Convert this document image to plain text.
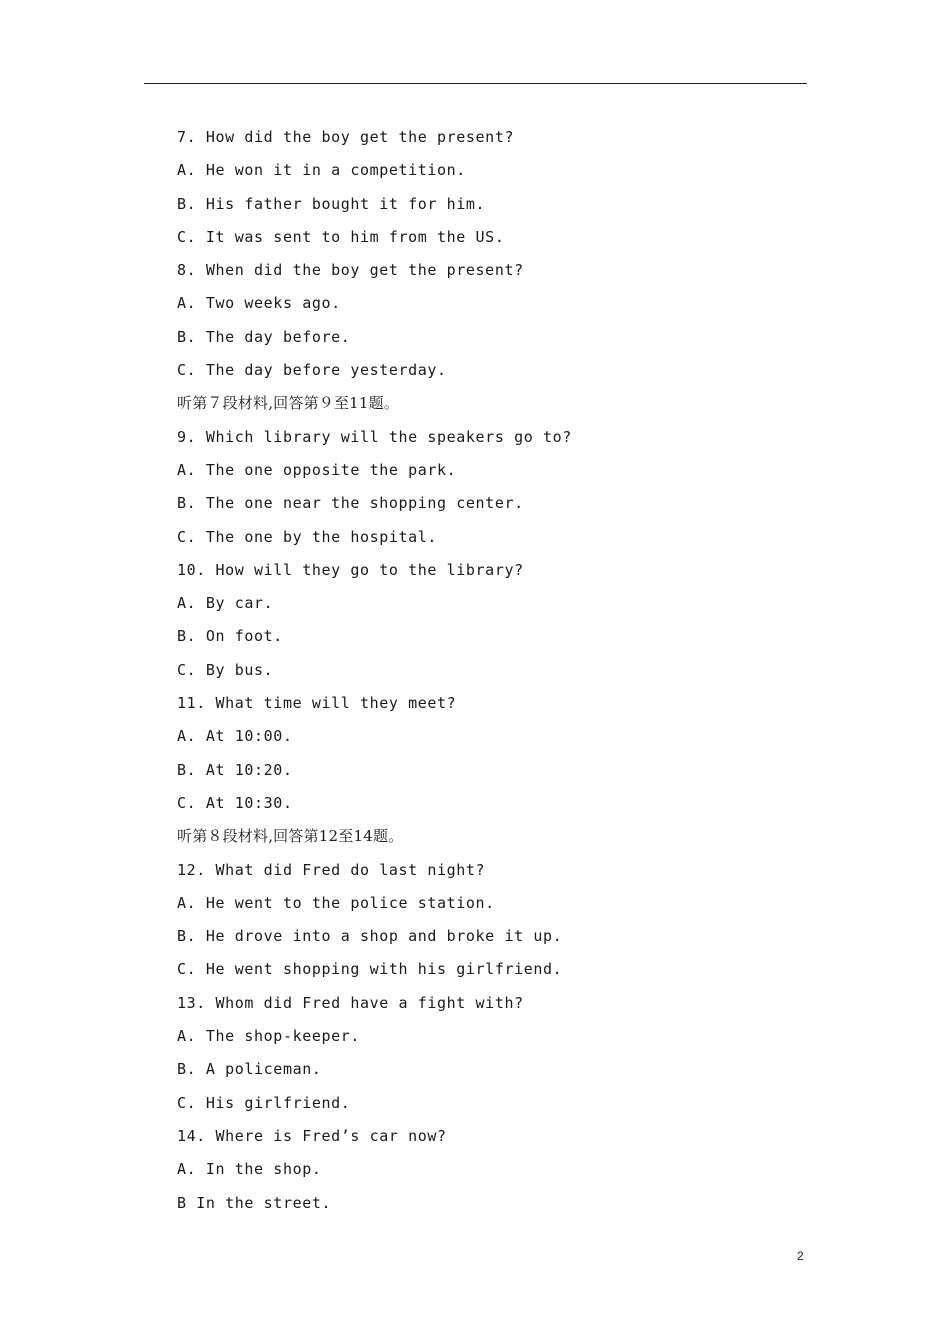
7. How did the boy get the present?
A. He won it in a competition.
B. His father bought it for him.
C. It was sent to him from the US.
8. When did the boy get the present?
A. Two weeks ago.
B. The day before.
C. The day before yesterday.
听第７段材料,回答第９至11题。
9. Which library will the speakers go to?
A. The one opposite the park.
B. The one near the shopping center.
C. The one by the hospital.
10. How will they go to the library?
A. By car.
B. On foot.
C. By bus.
11. What time will they meet?
A. At 10:00.
B. At 10:20.
C. At 10:30.
听第８段材料,回答第12至14题。
12. What did Fred do last night?
A. He went to the police station.
B. He drove into a shop and broke it up.
C. He went shopping with his girlfriend.
13. Whom did Fred have a fight with?
A. The shop-keeper.
B. A policeman.
C. His girlfriend.
14. Where is Fred’s car now?
A. In the shop.
B In the street.
2
